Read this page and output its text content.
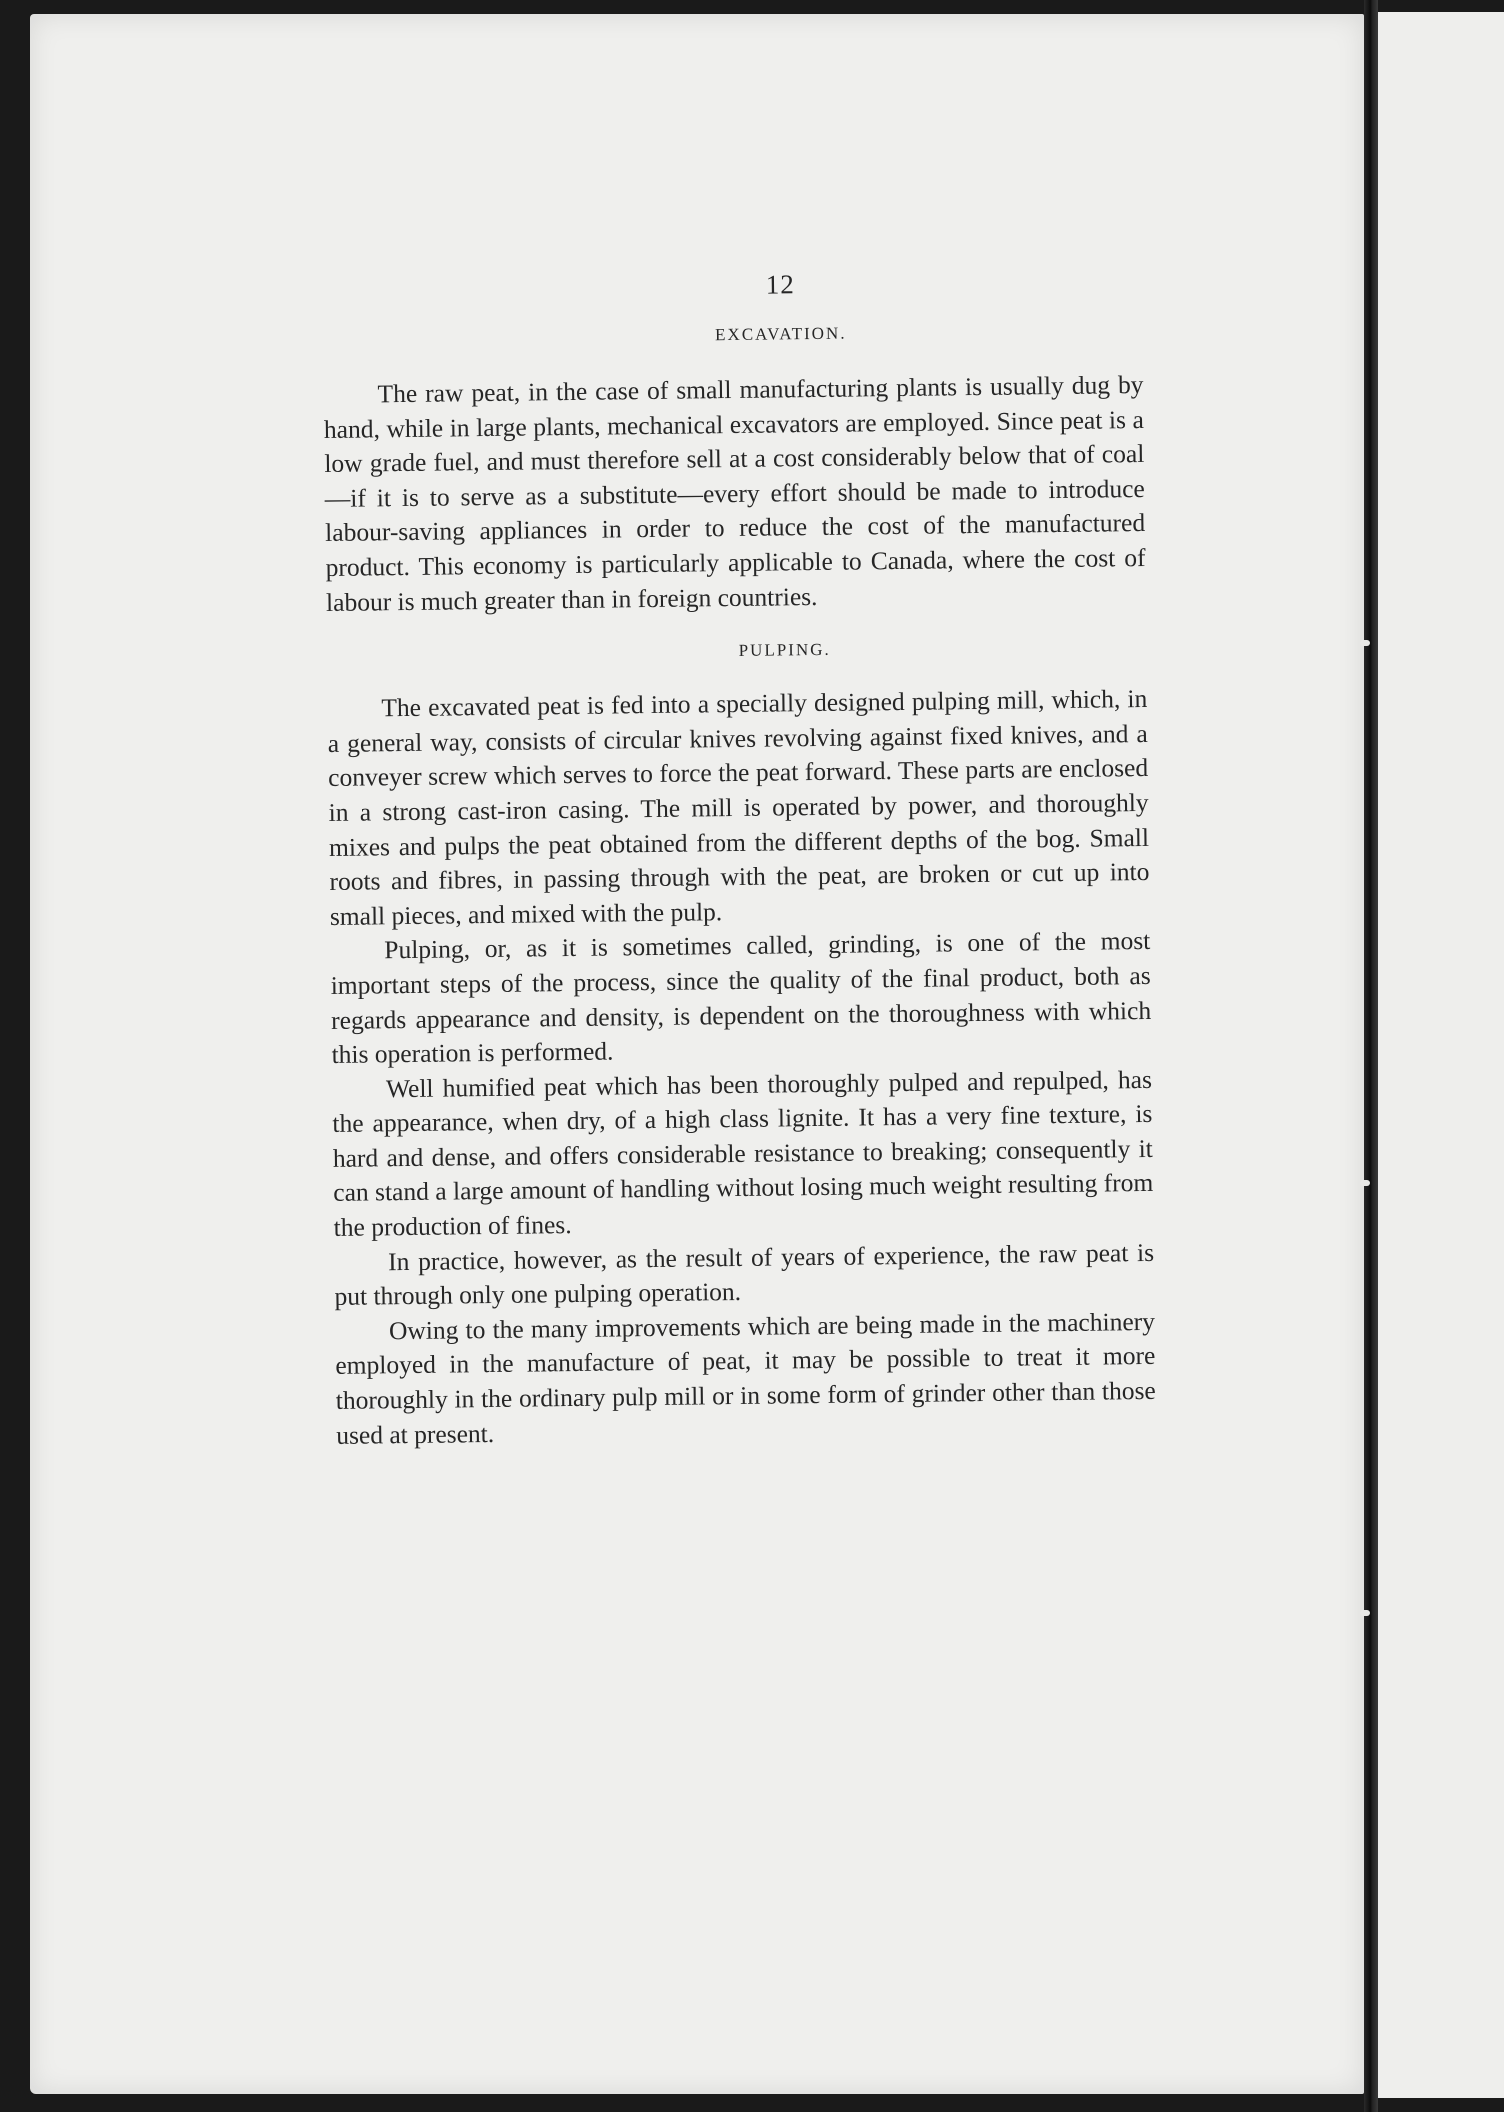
12
EXCAVATION.

The raw peat, in the case of small manufacturing plants is usually dug by hand, while in large plants, mechanical excavators are employed. Since peat is a low grade fuel, and must therefore sell at a cost considerably below that of coal—if it is to serve as a substitute—every effort should be made to introduce labour-saving appliances in order to reduce the cost of the manufactured product. This economy is particularly applicable to Canada, where the cost of labour is much greater than in foreign countries.

PULPING.

The excavated peat is fed into a specially designed pulping mill, which, in a general way, consists of circular knives revolving against fixed knives, and a conveyer screw which serves to force the peat forward. These parts are enclosed in a strong cast-iron casing. The mill is operated by power, and thoroughly mixes and pulps the peat obtained from the different depths of the bog. Small roots and fibres, in passing through with the peat, are broken or cut up into small pieces, and mixed with the pulp.

Pulping, or, as it is sometimes called, grinding, is one of the most important steps of the process, since the quality of the final product, both as regards appearance and density, is dependent on the thoroughness with which this operation is performed.

Well humified peat which has been thoroughly pulped and repulped, has the appearance, when dry, of a high class lignite. It has a very fine texture, is hard and dense, and offers considerable resistance to breaking; consequently it can stand a large amount of handling without losing much weight resulting from the production of fines.

In practice, however, as the result of years of experience, the raw peat is put through only one pulping operation.

Owing to the many improvements which are being made in the machinery employed in the manufacture of peat, it may be possible to treat it more thoroughly in the ordinary pulp mill or in some form of grinder other than those used at present.
